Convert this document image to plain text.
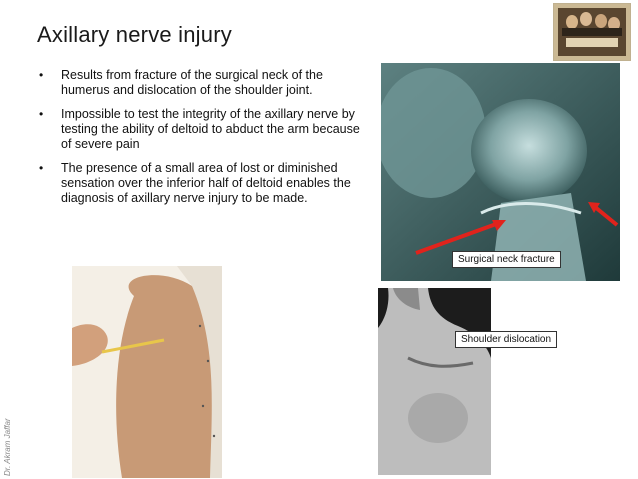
Dr. Akram Jaffar
Axillary nerve injury
• Results from fracture of the surgical neck of the humerus and dislocation of the shoulder joint.
• Impossible to test the integrity of the axillary nerve by testing the ability of deltoid to abduct the arm because of severe pain
• The presence of a small area of lost or diminished sensation over the inferior half of deltoid enables the diagnosis of axillary nerve injury to be made.
Surgical neck fracture
Shoulder dislocation
